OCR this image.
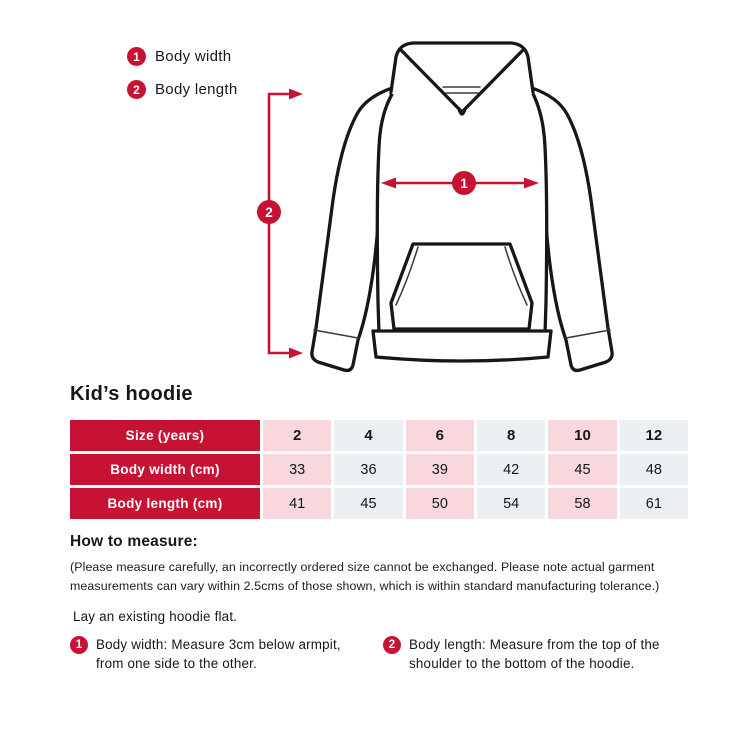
1
2
1	Body width
2	Body length
Kid’s hoodie
Size (years)	2	4	6	8	10	12
Body width (cm)	33	36	39	42	45	48
Body length (cm)	41	45	50	54	58	61
How to measure:

(Please measure carefully, an incorrectly ordered size cannot be exchanged. Please note actual garment measurements can vary within 2.5cms of those shown, which is within standard manufacturing tolerance.)

Lay an existing hoodie flat.

1	Body width: Measure 3cm below armpit, from one side to the other.
2	Body length: Measure from the top of the shoulder to the bottom of the hoodie.
